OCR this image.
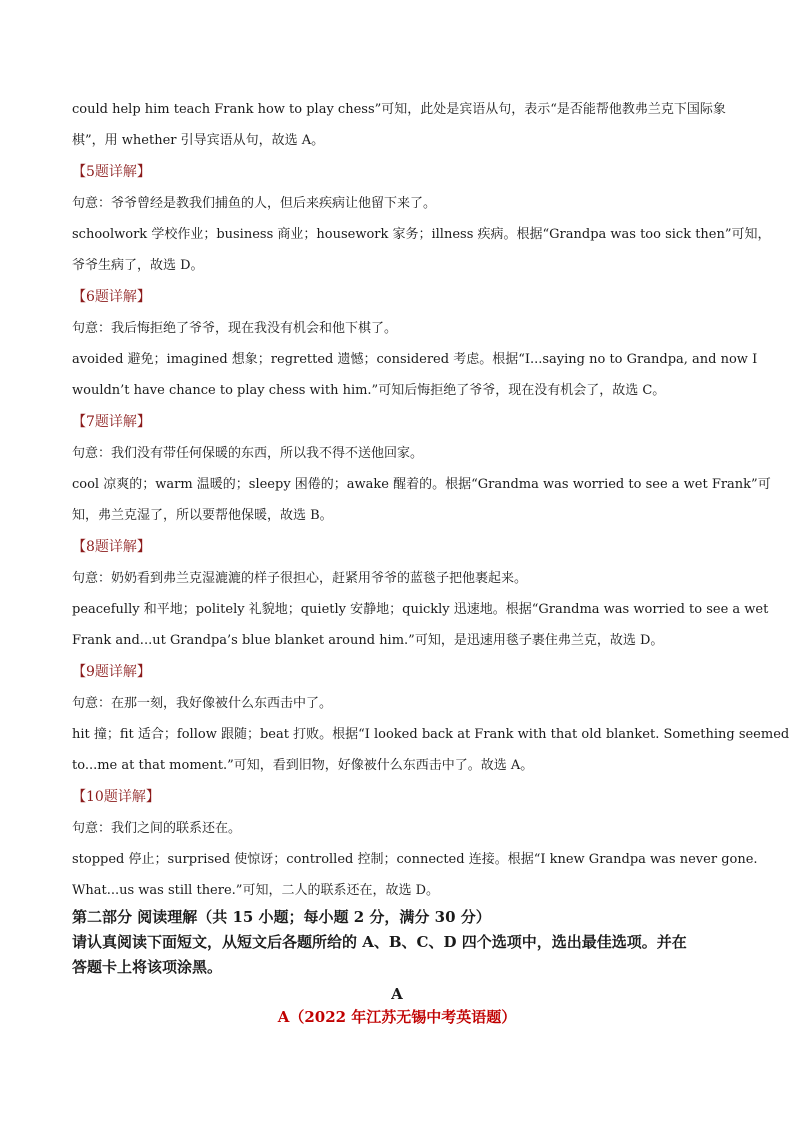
could help him teach Frank how to play chess”可知，此处是宾语从句，表示“是否能帮他教弗兰克下国际象
棋”，用 whether 引导宾语从句，故选 A。
【5题详解】
句意：爷爷曾经是教我们捕鱼的人，但后来疾病让他留下来了。
schoolwork 学校作业；business 商业；housework 家务；illness 疾病。根据“Grandpa was too sick then”可知，
爷爷生病了，故选 D。
【6题详解】
句意：我后悔拒绝了爷爷，现在我没有机会和他下棋了。
avoided 避免；imagined 想象；regretted 遗憾；considered 考虑。根据“I...saying no to Grandpa, and now I
wouldn’t have chance to play chess with him.”可知后悔拒绝了爷爷，现在没有机会了，故选 C。
【7题详解】
句意：我们没有带任何保暖的东西，所以我不得不送他回家。
cool 凉爽的；warm 温暖的；sleepy 困倦的；awake 醒着的。根据“Grandma was worried to see a wet Frank”可
知，弗兰克湿了，所以要帮他保暖，故选 B。
【8题详解】
句意：奶奶看到弗兰克湿漉漉的样子很担心，赶紧用爷爷的蓝毯子把他裹起来。
peacefully 和平地；politely 礼貌地；quietly 安静地；quickly 迅速地。根据“Grandma was worried to see a wet
Frank and...ut Grandpa’s blue blanket around him.”可知，是迅速用毯子裹住弗兰克，故选 D。
【9题详解】
句意：在那一刻，我好像被什么东西击中了。
hit 撞；fit 适合；follow 跟随；beat 打败。根据“I looked back at Frank with that old blanket. Something seemed
to...me at that moment.”可知，看到旧物，好像被什么东西击中了。故选 A。
【10题详解】
句意：我们之间的联系还在。
stopped 停止；surprised 使惊讶；controlled 控制；connected 连接。根据“I knew Grandpa was never gone.
What...us was still there.”可知，二人的联系还在，故选 D。
第二部分 阅读理解（共 15 小题；每小题 2 分，满分 30 分）
请认真阅读下面短文，从短文后各题所给的 A、B、C、D 四个选项中，选出最佳选项。并在
答题卡上将该项涂黑。
A
A（2022 年江苏无锡中考英语题）
